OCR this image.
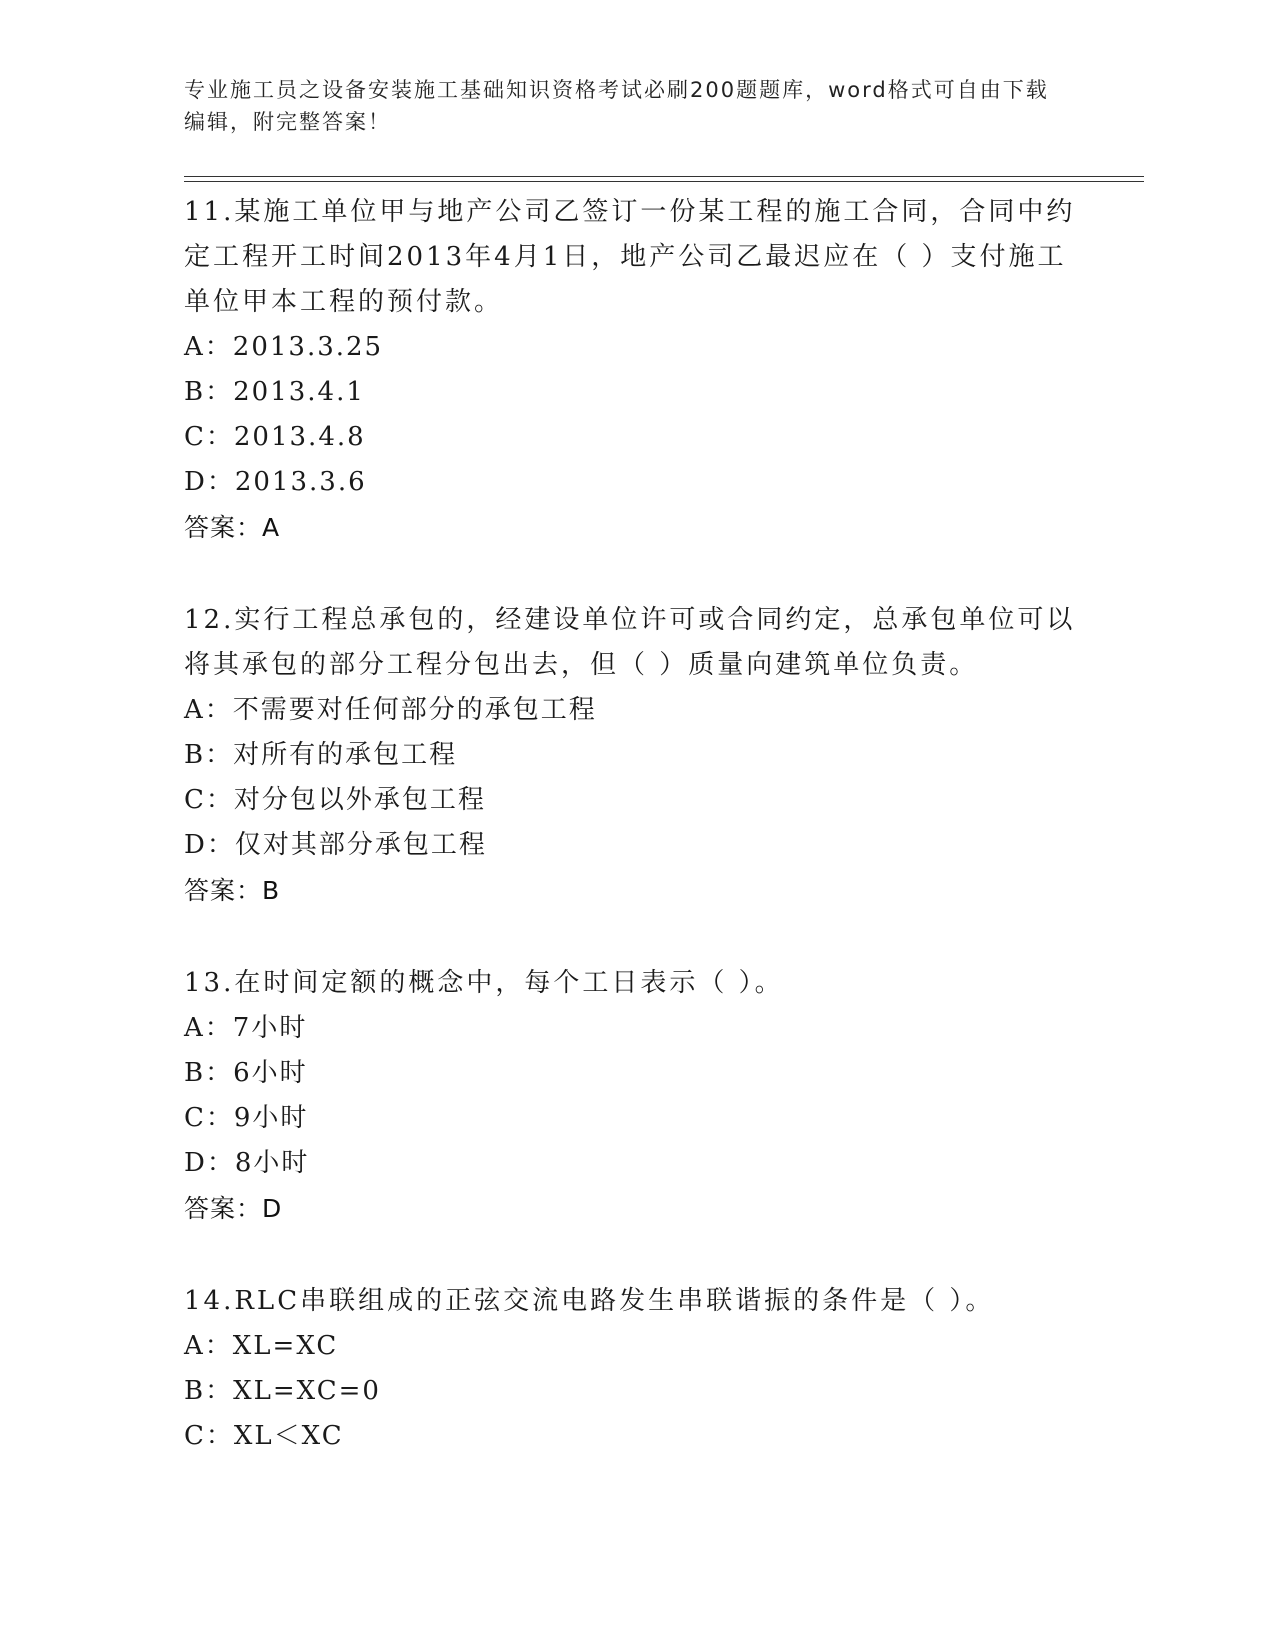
专业施工员之设备安装施工基础知识资格考试必刷200题题库，word格式可自由下载编辑，附完整答案！

11.某施工单位甲与地产公司乙签订一份某工程的施工合同，合同中约定工程开工时间2013年4月1日，地产公司乙最迟应在（ ）支付施工单位甲本工程的预付款。

A：2013.3.25

B：2013.4.1

C：2013.4.8

D：2013.3.6

答案：A

12.实行工程总承包的，经建设单位许可或合同约定，总承包单位可以将其承包的部分工程分包出去，但（ ）质量向建筑单位负责。

A：不需要对任何部分的承包工程

B：对所有的承包工程

C：对分包以外承包工程

D：仅对其部分承包工程

答案：B

13.在时间定额的概念中，每个工日表示（ ）。

A：7小时

B：6小时

C：9小时

D：8小时

答案：D

14.RLC串联组成的正弦交流电路发生串联谐振的条件是（ ）。

A：XL=XC

B：XL=XC=0

C：XL＜XC
